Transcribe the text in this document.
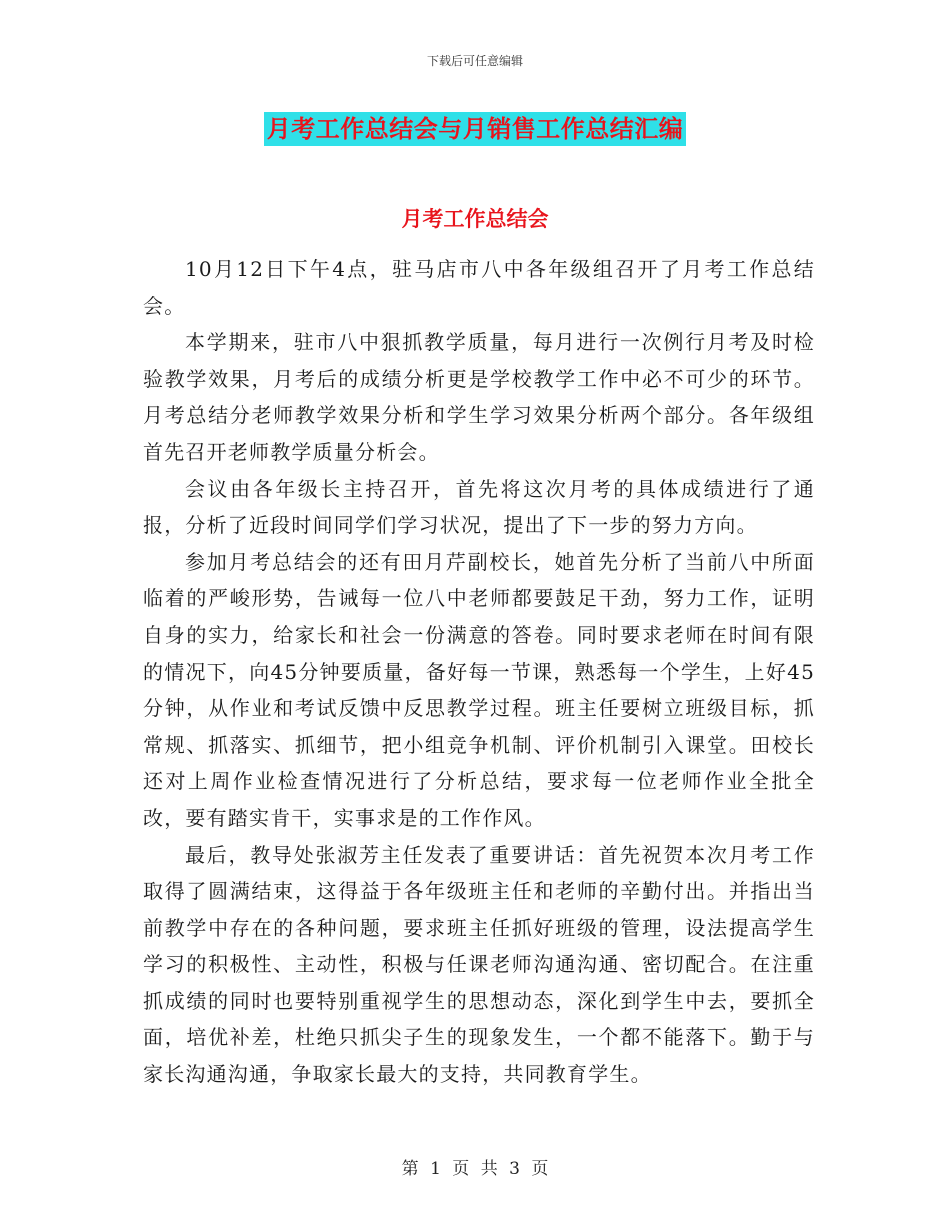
下载后可任意编辑
月考工作总结会与月销售工作总结汇编
月考工作总结会

10月12日下午4点，驻马店市八中各年级组召开了月考工作总结会。

本学期来，驻市八中狠抓教学质量，每月进行一次例行月考及时检验教学效果，月考后的成绩分析更是学校教学工作中必不可少的环节。月考总结分老师教学效果分析和学生学习效果分析两个部分。各年级组首先召开老师教学质量分析会。

会议由各年级长主持召开，首先将这次月考的具体成绩进行了通报，分析了近段时间同学们学习状况，提出了下一步的努力方向。

参加月考总结会的还有田月芹副校长，她首先分析了当前八中所面临着的严峻形势，告诫每一位八中老师都要鼓足干劲，努力工作，证明自身的实力，给家长和社会一份满意的答卷。同时要求老师在时间有限的情况下，向45分钟要质量，备好每一节课，熟悉每一个学生，上好45分钟，从作业和考试反馈中反思教学过程。班主任要树立班级目标，抓常规、抓落实、抓细节，把小组竞争机制、评价机制引入课堂。田校长还对上周作业检查情况进行了分析总结，要求每一位老师作业全批全改，要有踏实肯干，实事求是的工作作风。

最后，教导处张淑芳主任发表了重要讲话：首先祝贺本次月考工作取得了圆满结束，这得益于各年级班主任和老师的辛勤付出。并指出当前教学中存在的各种问题，要求班主任抓好班级的管理，设法提高学生学习的积极性、主动性，积极与任课老师沟通沟通、密切配合。在注重抓成绩的同时也要特别重视学生的思想动态，深化到学生中去，要抓全面，培优补差，杜绝只抓尖子生的现象发生，一个都不能落下。勤于与家长沟通沟通，争取家长最大的支持，共同教育学生。

第 1 页 共 3 页
